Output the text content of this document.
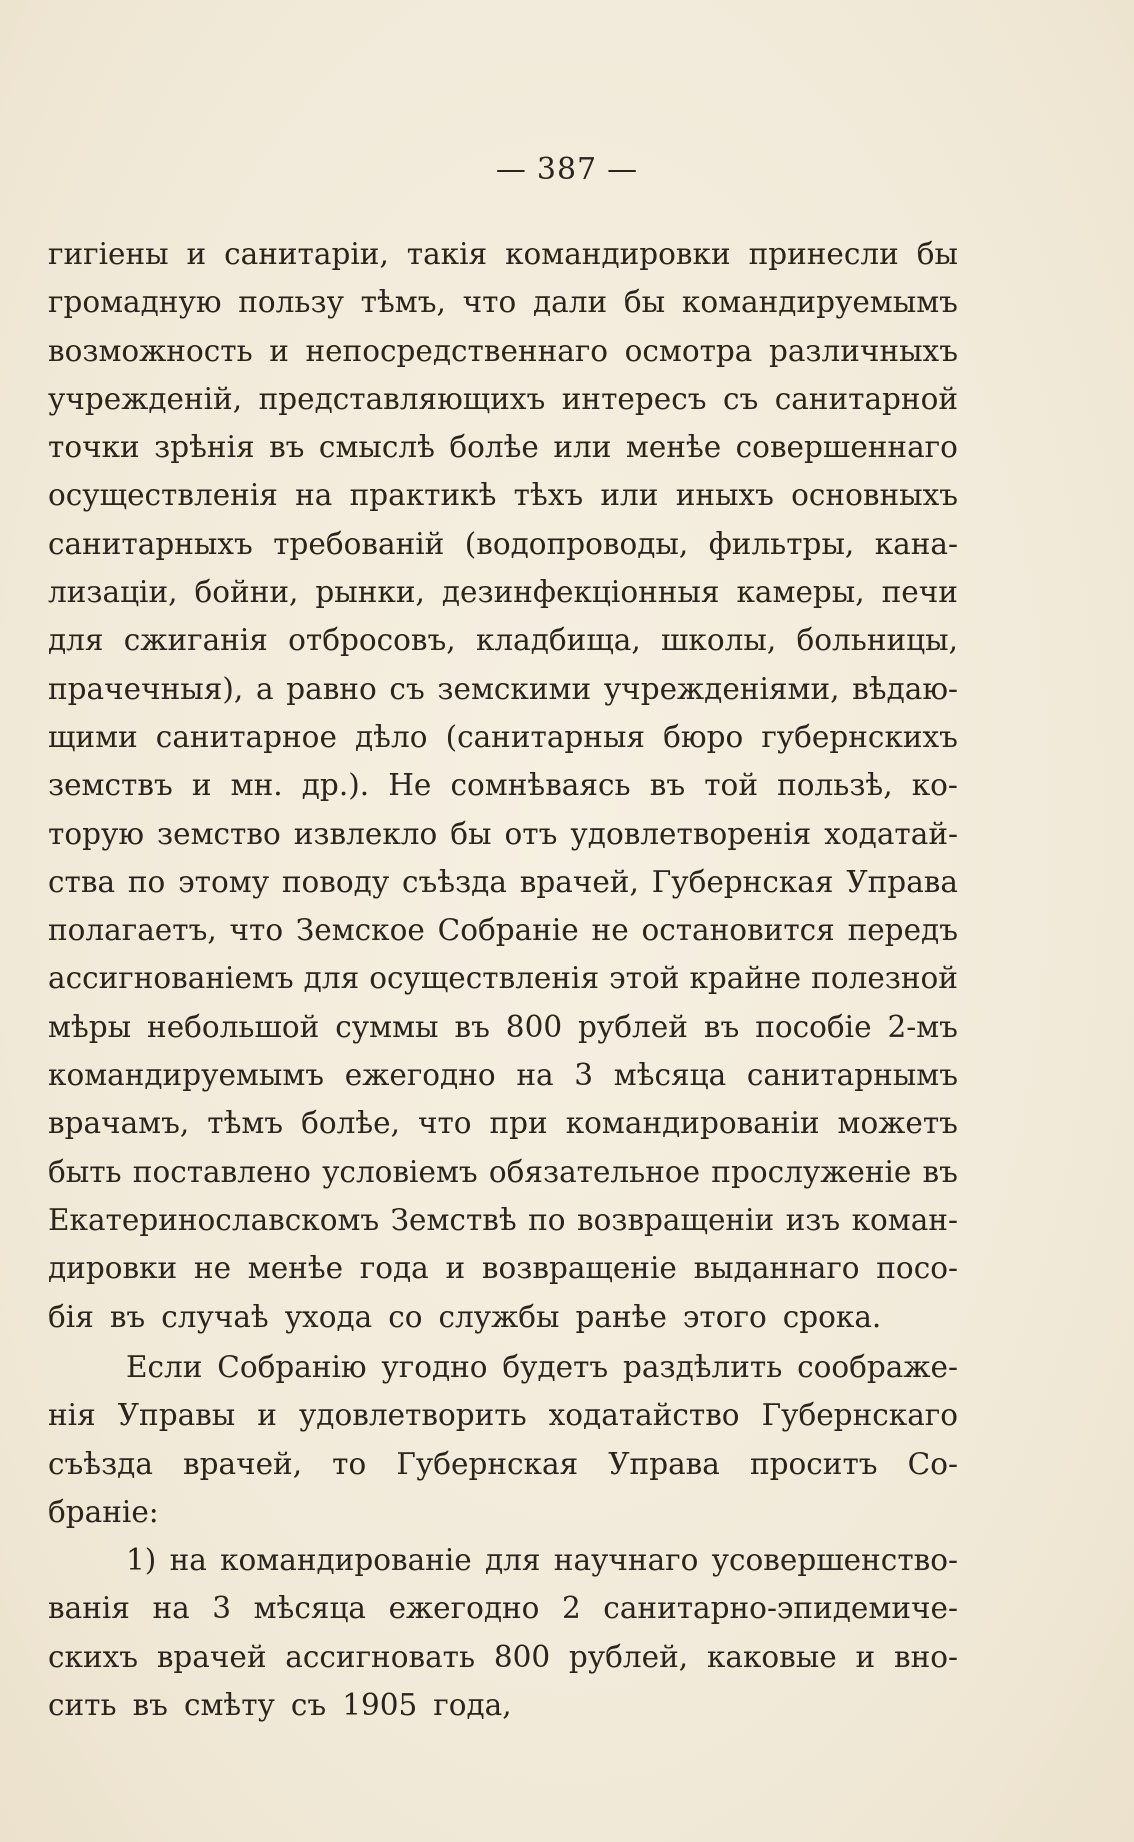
— 387 —
гигіены и санитаріи, такія командировки принесли бы
громадную пользу тѣмъ, что дали бы командируемымъ
возможность и непосредственнаго осмотра различныхъ
учрежденій, представляющихъ интересъ съ санитарной
точки зрѣнія въ смыслѣ болѣе или менѣе совершеннаго
осуществленія на практикѣ тѣхъ или иныхъ основныхъ
санитарныхъ требованій (водопроводы, фильтры, кана-
лизаціи, бойни, рынки, дезинфекціонныя камеры, печи
для сжиганія отбросовъ, кладбища, школы, больницы,
прачечныя), а равно съ земскими учрежденіями, вѣдаю-
щими санитарное дѣло (санитарныя бюро губернскихъ
земствъ и мн. др.). Не сомнѣваясь въ той пользѣ, ко-
торую земство извлекло бы отъ удовлетворенія ходатай-
ства по этому поводу съѣзда врачей, Губернская Управа
полагаетъ, что Земское Собраніе не остановится передъ
ассигнованіемъ для осуществленія этой крайне полезной
мѣры небольшой суммы въ 800 рублей въ пособіе 2-мъ
командируемымъ ежегодно на 3 мѣсяца санитарнымъ
врачамъ, тѣмъ болѣе, что при командированіи можетъ
быть поставлено условіемъ обязательное прослуженіе въ
Екатеринославскомъ Земствѣ по возвращеніи изъ коман-
дировки не менѣе года и возвращеніе выданнаго посо-
бія въ случаѣ ухода со службы ранѣе этого срока.
Если Собранію угодно будетъ раздѣлить соображе-
нія Управы и удовлетворить ходатайство Губернскаго
съѣзда врачей, то Губернская Управа проситъ Со-
браніе:
1) на командированіе для научнаго усовершенство-
ванія на 3 мѣсяца ежегодно 2 санитарно-эпидемиче-
скихъ врачей ассигновать 800 рублей, каковые и вно-
сить въ смѣту съ 1905 года,
